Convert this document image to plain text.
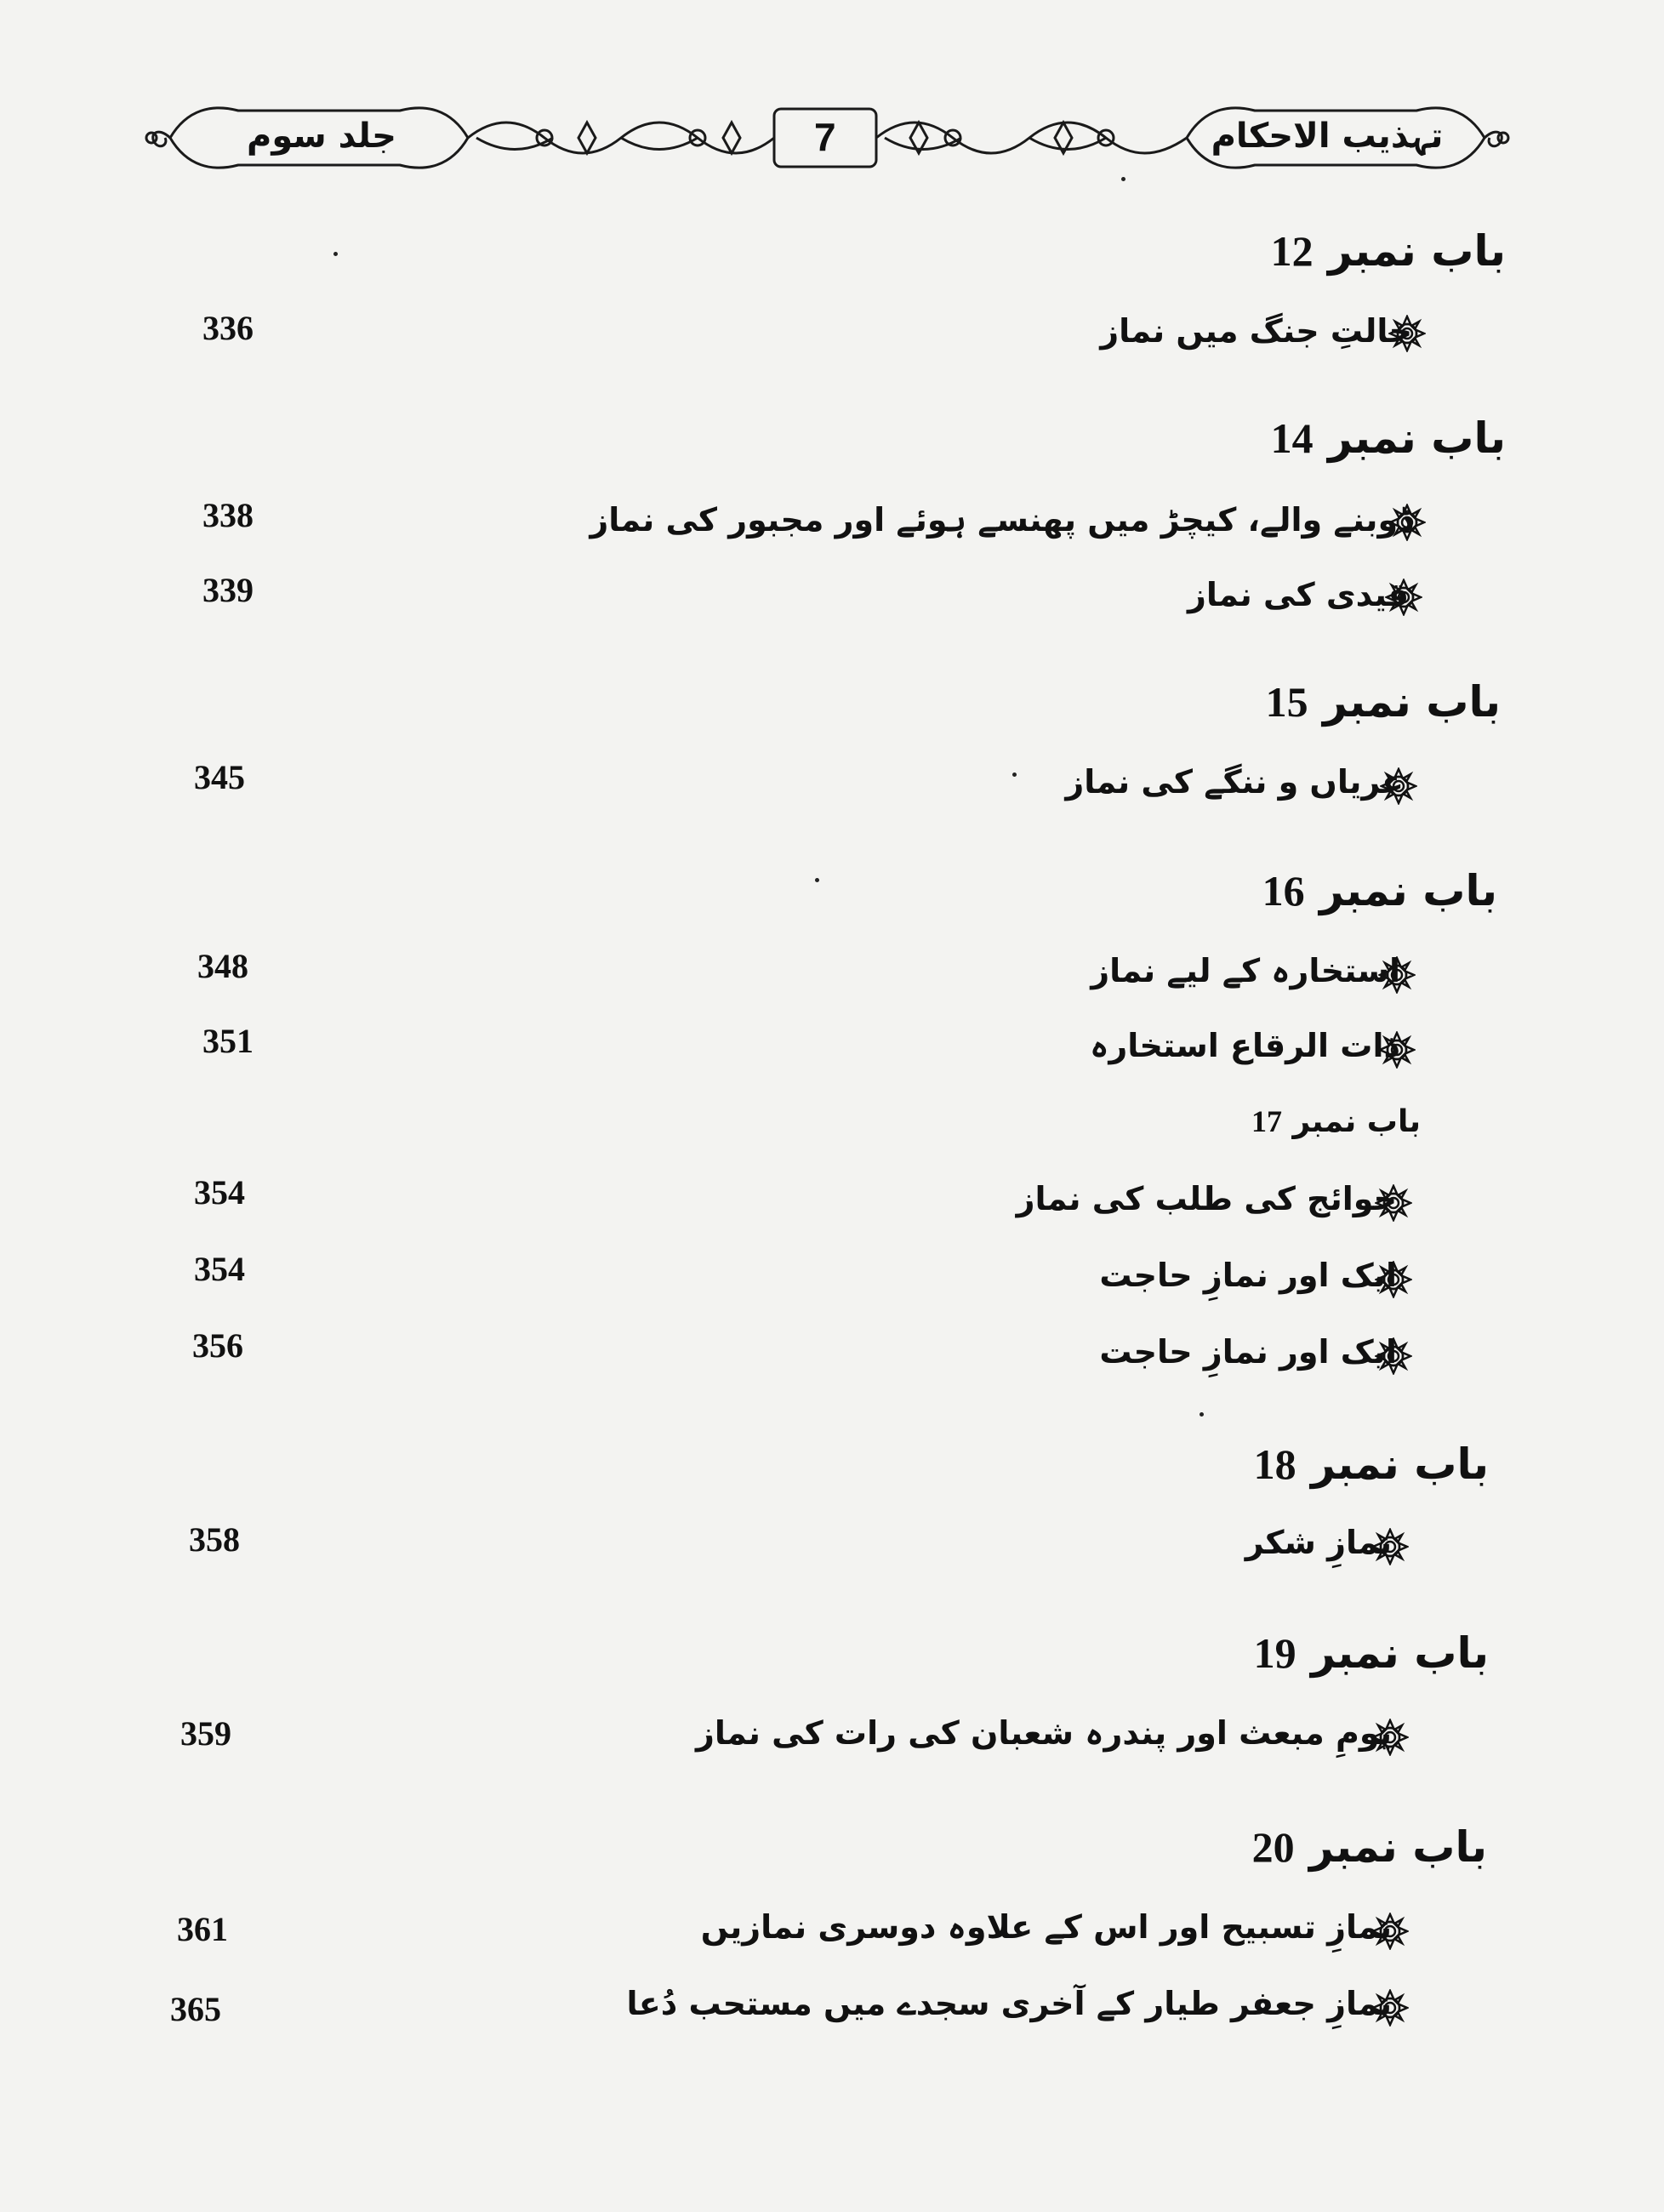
جلد سوم	7	تہذیب الاحکام
باب نمبر 12
حالتِ جنگ میں نماز
336
باب نمبر 14
ڈوبنے والے، کیچڑ میں پھنسے ہوئے اور مجبور کی نماز
338
قیدی کی نماز
339
باب نمبر 15
عریاں و ننگے کی نماز
345
باب نمبر 16
استخارہ کے لیے نماز
348
ذات الرقاع استخارہ
351
باب نمبر 17
حوائج کی طلب کی نماز
354
ایک اور نمازِ حاجت
354
ایک اور نمازِ حاجت
356
باب نمبر 18
نمازِ شکر
358
باب نمبر 19
یومِ مبعث اور پندرہ شعبان کی رات کی نماز
359
باب نمبر 20
نمازِ تسبیح اور اس کے علاوہ دوسری نمازیں
361
نمازِ جعفر طیار کے آخری سجدے میں مستحب دُعا
365
